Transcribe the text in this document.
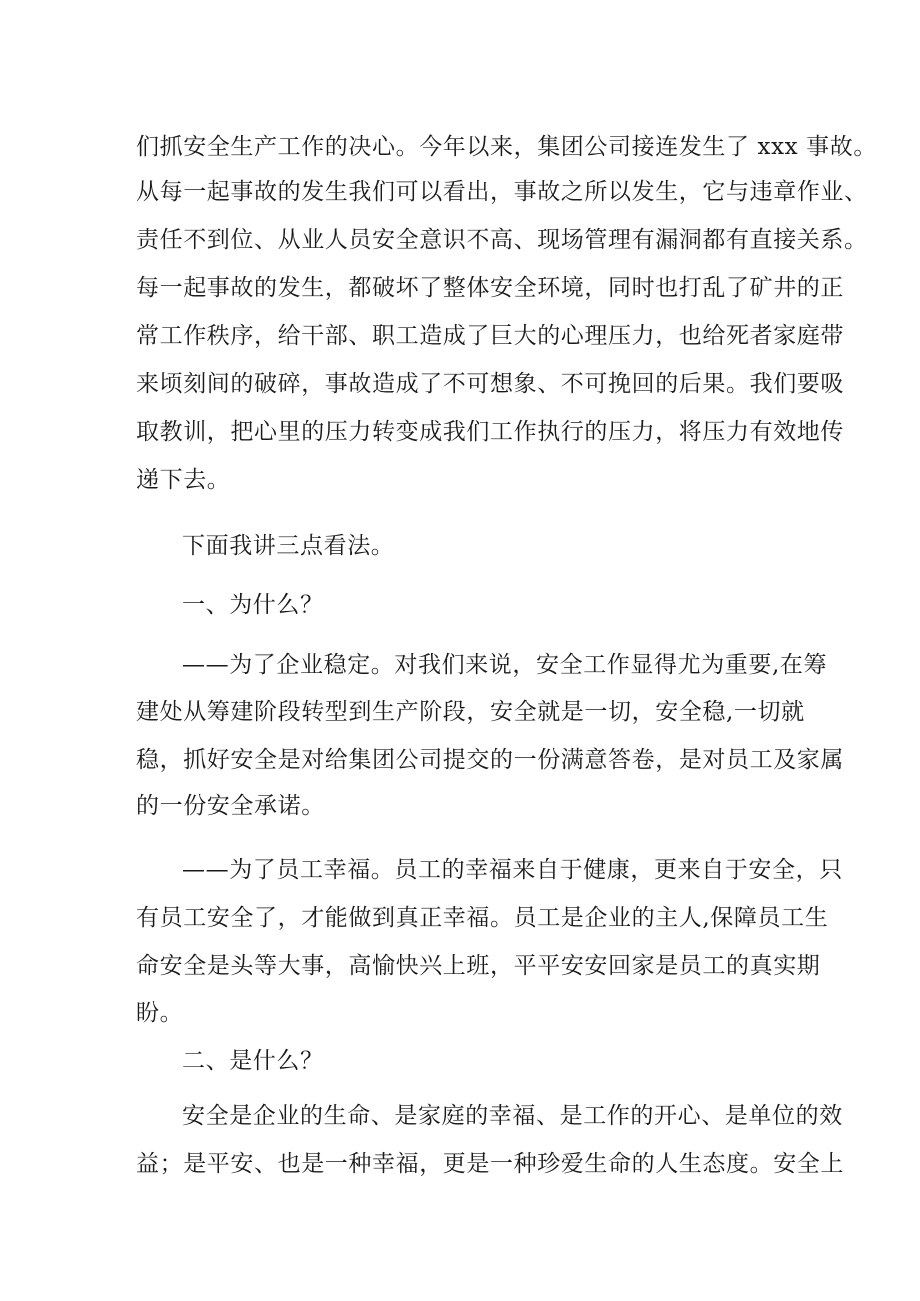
们抓安全生产工作的决心。今年以来，集团公司接连发生了 xxx 事故。
从每一起事故的发生我们可以看出，事故之所以发生，它与违章作业、
责任不到位、从业人员安全意识不高、现场管理有漏洞都有直接关系。
每一起事故的发生，都破坏了整体安全环境，同时也打乱了矿井的正
常工作秩序，给干部、职工造成了巨大的心理压力，也给死者家庭带
来顷刻间的破碎，事故造成了不可想象、不可挽回的后果。我们要吸
取教训，把心里的压力转变成我们工作执行的压力，将压力有效地传
递下去。
下面我讲三点看法。
一、为什么？
——为了企业稳定。对我们来说，安全工作显得尤为重要,在筹
建处从筹建阶段转型到生产阶段，安全就是一切，安全稳,一切就
稳，抓好安全是对给集团公司提交的一份满意答卷，是对员工及家属
的一份安全承诺。
——为了员工幸福。员工的幸福来自于健康，更来自于安全，只
有员工安全了，才能做到真正幸福。员工是企业的主人,保障员工生
命安全是头等大事，高愉快兴上班，平平安安回家是员工的真实期
盼。
二、是什么？
安全是企业的生命、是家庭的幸福、是工作的开心、是单位的效
益；是平安、也是一种幸福，更是一种珍爱生命的人生态度。安全上
